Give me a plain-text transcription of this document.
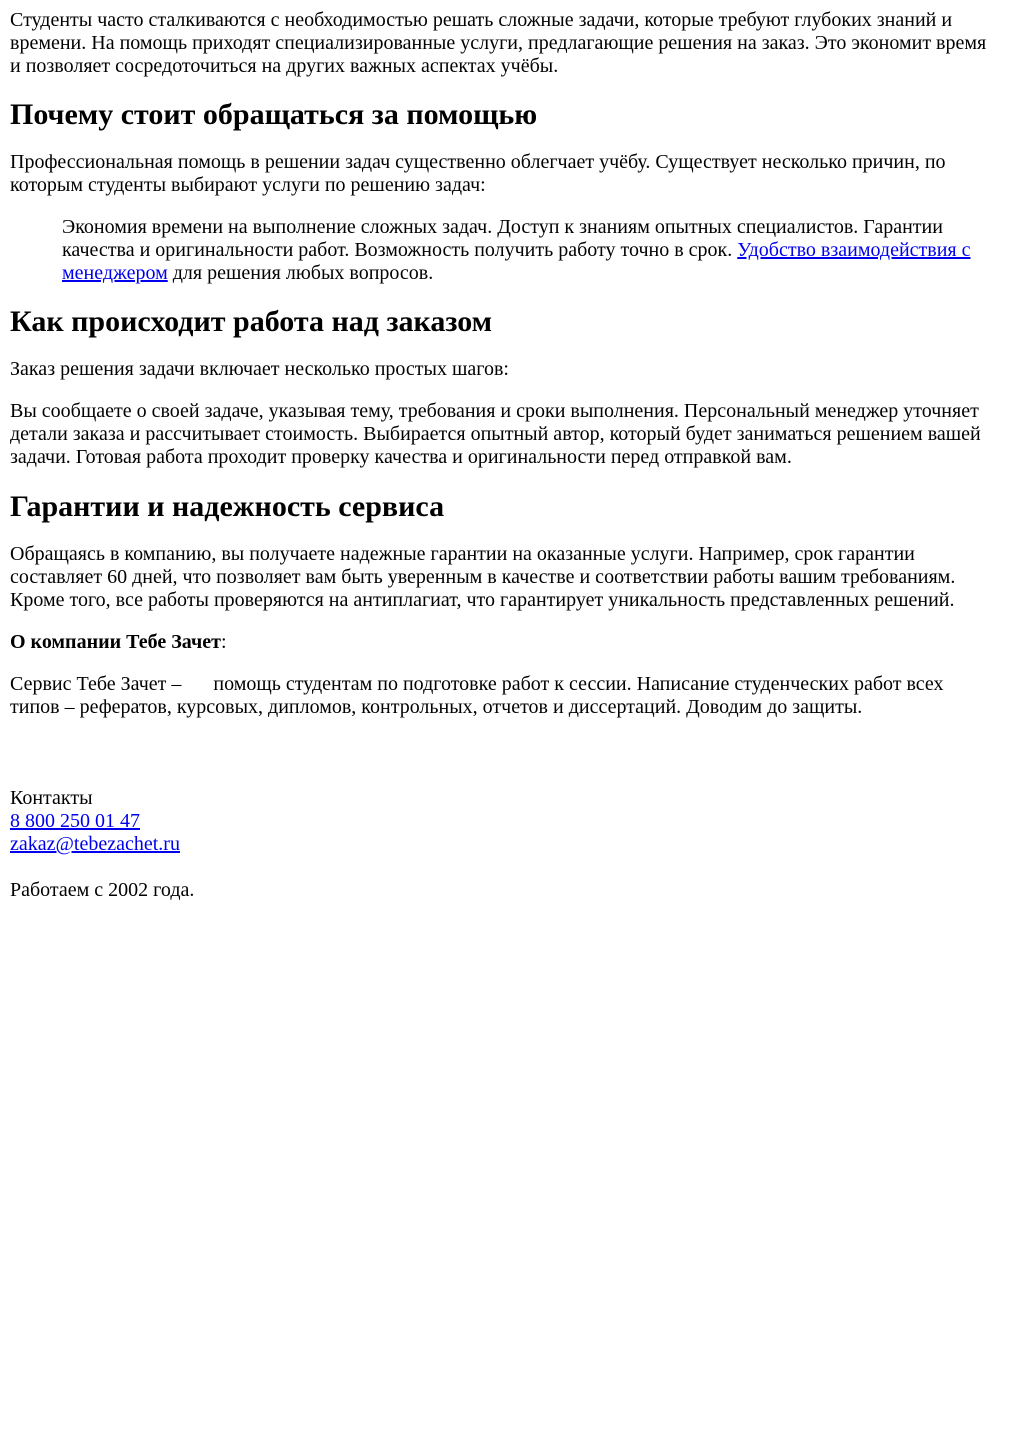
Студенты часто сталкиваются с необходимостью решать сложные задачи, которые требуют глубоких знаний и времени. На помощь приходят специализированные услуги, предлагающие решения на заказ. Это экономит время и позволяет сосредоточиться на других важных аспектах учёбы.

Почему стоит обращаться за помощью

Профессиональная помощь в решении задач существенно облегчает учёбу. Существует несколько причин, по которым студенты выбирают услуги по решению задач:

Экономия времени на выполнение сложных задач. Доступ к знаниям опытных специалистов. Гарантии качества и оригинальности работ. Возможность получить работу точно в срок. Удобство взаимодействия с менеджером для решения любых вопросов.
Как происходит работа над заказом

Заказ решения задачи включает несколько простых шагов:

Вы сообщаете о своей задаче, указывая тему, требования и сроки выполнения. Персональный менеджер уточняет детали заказа и рассчитывает стоимость. Выбирается опытный автор, который будет заниматься решением вашей задачи. Готовая работа проходит проверку качества и оригинальности перед отправкой вам.

Гарантии и надежность сервиса

Обращаясь в компанию, вы получаете надежные гарантии на оказанные услуги. Например, срок гарантии составляет 60 дней, что позволяет вам быть уверенным в качестве и соответствии работы вашим требованиям. Кроме того, все работы проверяются на антиплагиат, что гарантирует уникальность представленных решений.

О компании Тебе Зачет:

Сервис Тебе Зачет – помощь студентам по подготовке работ к сессии. Написание студенческих работ всех типов – рефератов, курсовых, дипломов, контрольных, отчетов и диссертаций. Доводим до защиты.

Контакты
8 800 250 01 47
zakaz@tebezachet.ru
Работаем с 2002 года.
